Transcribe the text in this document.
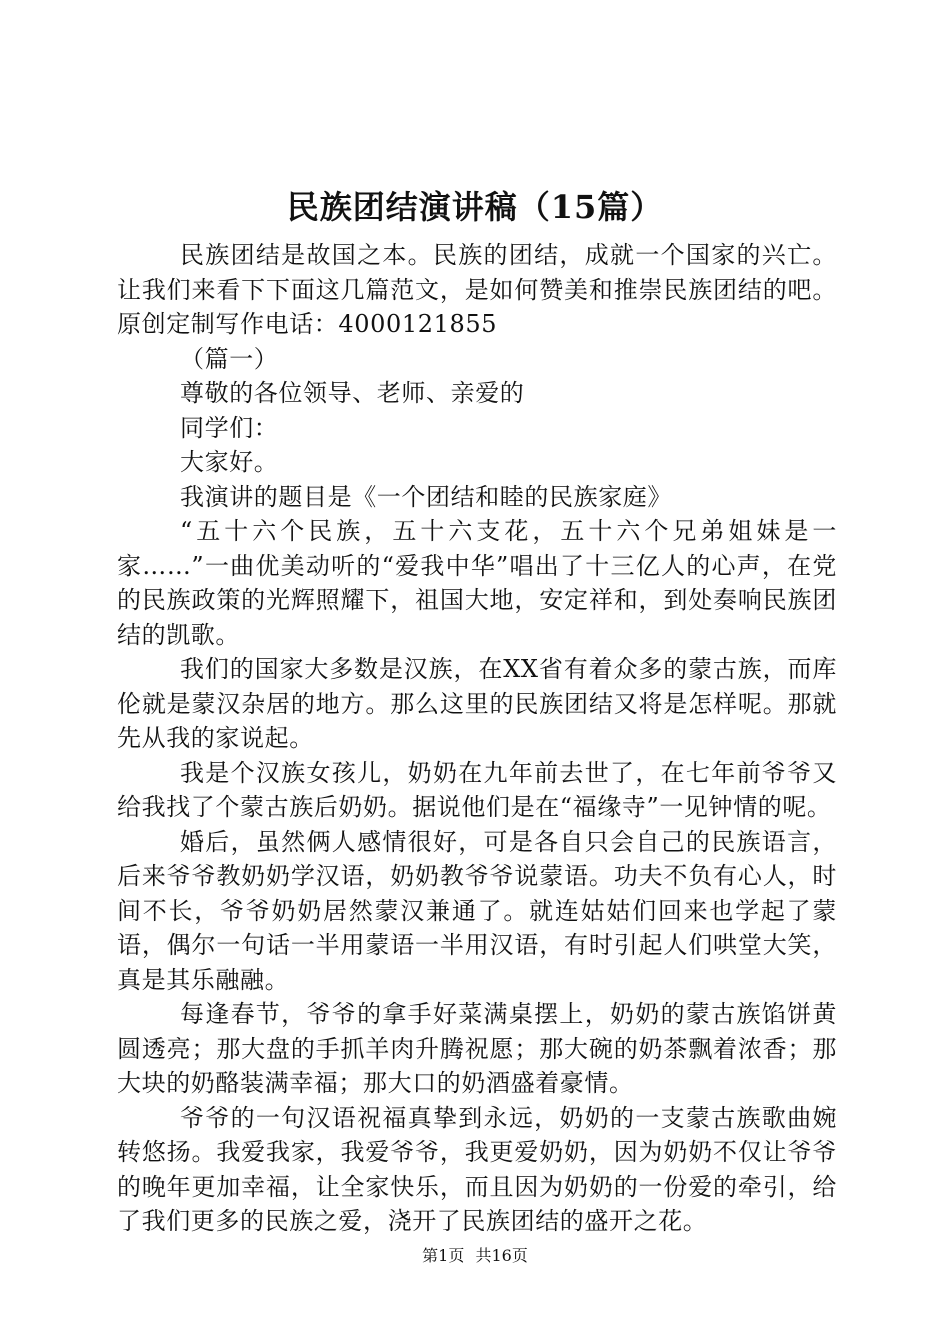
民族团结演讲稿（15篇）

民族团结是故国之本。民族的团结，成就一个国家的兴亡。让我们来看下下面这几篇范文，是如何赞美和推崇民族团结的吧。原创定制写作电话：4000121855

（篇一）

尊敬的各位领导、老师、亲爱的

同学们：

大家好。

我演讲的题目是《一个团结和睦的民族家庭》

“五十六个民族，五十六支花，五十六个兄弟姐妹是一家……”一曲优美动听的“爱我中华”唱出了十三亿人的心声，在党的民族政策的光辉照耀下，祖国大地，安定祥和，到处奏响民族团结的凯歌。

我们的国家大多数是汉族，在XX省有着众多的蒙古族，而库伦就是蒙汉杂居的地方。那么这里的民族团结又将是怎样呢。那就先从我的家说起。

我是个汉族女孩儿，奶奶在九年前去世了，在七年前爷爷又给我找了个蒙古族后奶奶。据说他们是在“福缘寺”一见钟情的呢。

婚后，虽然俩人感情很好，可是各自只会自己的民族语言，后来爷爷教奶奶学汉语，奶奶教爷爷说蒙语。功夫不负有心人，时间不长，爷爷奶奶居然蒙汉兼通了。就连姑姑们回来也学起了蒙语，偶尔一句话一半用蒙语一半用汉语，有时引起人们哄堂大笑，真是其乐融融。

每逢春节，爷爷的拿手好菜满桌摆上，奶奶的蒙古族馅饼黄圆透亮；那大盘的手抓羊肉升腾祝愿；那大碗的奶茶飘着浓香；那大块的奶酪装满幸福；那大口的奶酒盛着豪情。

爷爷的一句汉语祝福真挚到永远，奶奶的一支蒙古族歌曲婉转悠扬。我爱我家，我爱爷爷，我更爱奶奶，因为奶奶不仅让爷爷的晚年更加幸福，让全家快乐，而且因为奶奶的一份爱的牵引，给了我们更多的民族之爱，浇开了民族团结的盛开之花。

第1页 共16页
